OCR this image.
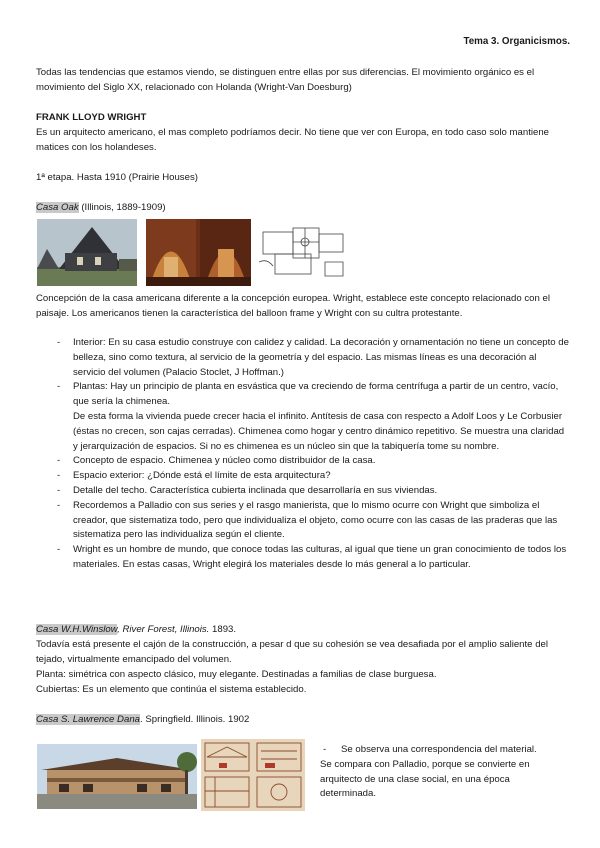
Tema 3. Organicismos.
Todas las tendencias que estamos viendo, se distinguen entre ellas por sus diferencias. El movimiento orgánico es el movimiento del Siglo XX, relacionado con Holanda (Wright-Van Doesburg)
FRANK LLOYD WRIGHT
Es un arquitecto americano, el mas completo podríamos decir. No tiene que ver con Europa, en todo caso solo mantiene matices con los holandeses.
1ª etapa. Hasta 1910 (Prairie Houses)
Casa Oak (Illinois, 1889-1909)
Concepción de la casa americana diferente a la concepción europea. Wright, establece este concepto relacionado con el paisaje. Los americanos tienen la característica del balloon frame y Wright con su cultra protestante.
- Interior: En su casa estudio construye con calidez y calidad. La decoración y ornamentación no tiene un concepto de belleza, sino como textura, al servicio de la geometría y del espacio. Las mismas líneas es una decoración al servicio del volumen (Palacio Stoclet, J Hoffman.)
- Plantas: Hay un principio de planta en esvástica que va creciendo de forma centrífuga a partir de un centro, vacío, que sería la chimenea.
De esta forma la vivienda puede crecer hacia el infinito. Antítesis de casa con respecto a Adolf Loos y Le Corbusier (éstas no crecen, son cajas cerradas). Chimenea como hogar y centro dinámico repetitivo. Se muestra una claridad y jerarquización de espacios. Si no es chimenea es un núcleo sin que la tabiquería tome su nombre.
- Concepto de espacio. Chimenea y núcleo como distribuidor de la casa.
- Espacio exterior: ¿Dónde está el límite de esta arquitectura?
- Detalle del techo. Característica cubierta inclinada que desarrollaría en sus viviendas.
- Recordemos a Palladio con sus series y el rasgo manierista, que lo mismo ocurre con Wright que simboliza el creador, que sistematiza todo, pero que individualiza el objeto, como ocurre con las casas de las praderas que las sistematiza pero las individualiza según el cliente.
- Wright es un hombre de mundo, que conoce todas las culturas, al igual que tiene un gran conocimiento de todos los materiales. En estas casas, Wright elegirá los materiales desde lo más general a lo particular.
Casa W.H.Winslow, River Forest, Illinois. 1893.
Todavía está presente el cajón de la construcción, a pesar d que su cohesión se vea desafiada por el amplio saliente del tejado, virtualmente emancipado del volumen.
Planta: simétrica con aspecto clásico, muy elegante. Destinadas a familias de clase burguesa.
Cubiertas: Es un elemento que continúa el sistema establecido.
Casa S. Lawrence Dana. Springfield. Illinois. 1902
- Se observa una correspondencia del material.
Se compara con Palladio, porque se convierte en arquitecto de una clase social, en una época determinada.
